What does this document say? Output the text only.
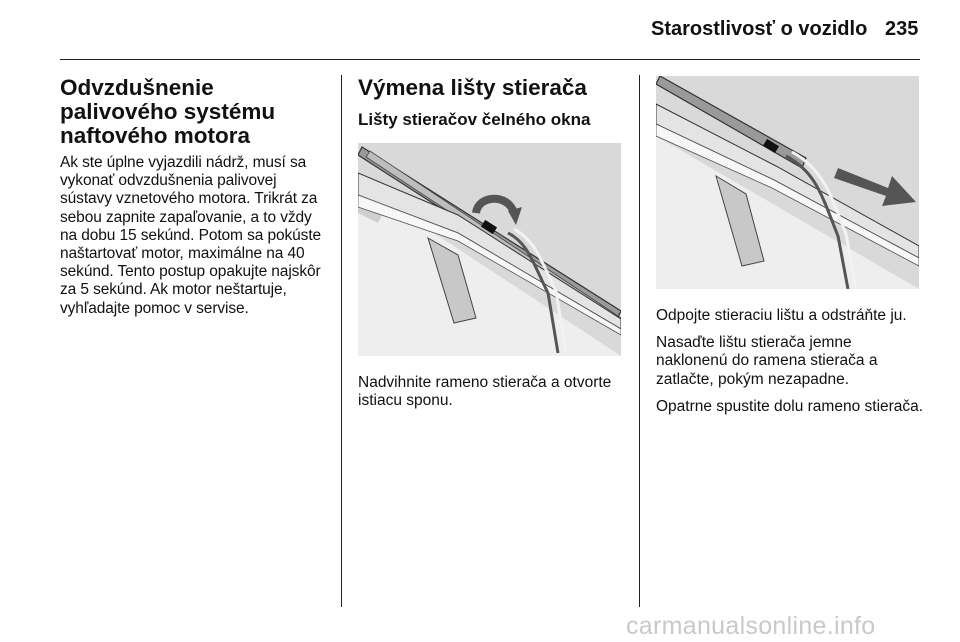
Starostlivosť o vozidlo 235
Odvzdušnenie palivového systému naftového motora

Ak ste úplne vyjazdili nádrž, musí sa vykonať odvzdušnenia palivovej sústavy vznetového motora. Trikrát za sebou zapnite zapaľovanie, a to vždy na dobu 15 sekúnd. Potom sa pokúste naštartovať motor, maximálne na 40 sekúnd. Tento postup opakujte najskôr za 5 sekúnd. Ak motor neštartuje, vyhľadajte pomoc v servise.

Výmena lišty stierača
Lišty stieračov čelného okna

Nadvihnite rameno stierača a otvorte istiacu sponu.

Odpojte stieraciu lištu a odstráňte ju.

Nasaďte lištu stierača jemne naklonenú do ramena stierača a zatlačte, pokým nezapadne.

Opatrne spustite dolu rameno stierača.

carmanualsonline.info
